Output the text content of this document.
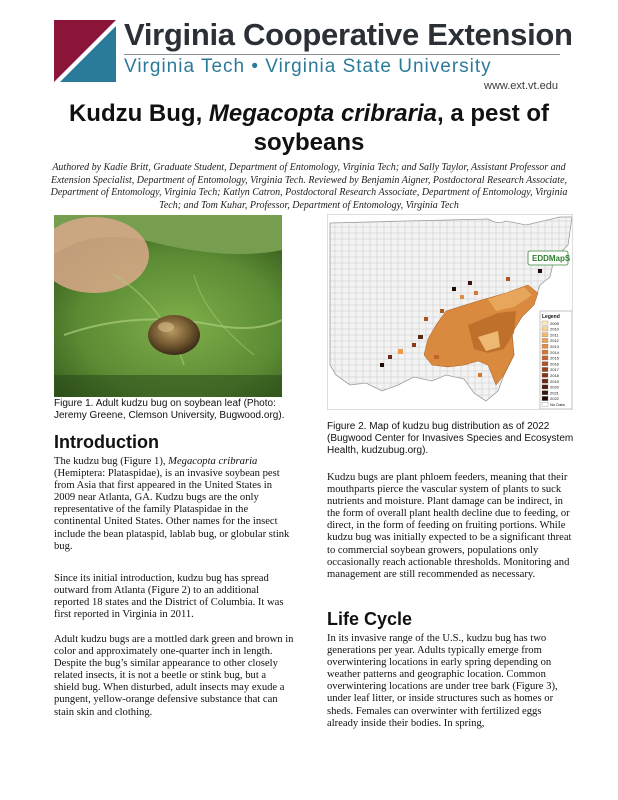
Virginia Cooperative Extension
Virginia Tech • Virginia State University
www.ext.vt.edu
Kudzu Bug, Megacopta cribraria, a pest of soybeans
Authored by Kadie Britt, Graduate Student, Department of Entomology, Virginia Tech; and Sally Taylor, Assistant Professor and Extension Specialist, Department of Entomology, Virginia Tech. Reviewed by Benjamin Aigner, Postdoctoral Research Associate, Department of Entomology, Virginia Tech; Katlyn Catron, Postdoctoral Research Associate, Department of Entomology, Virginia Tech; and Tom Kuhar, Professor, Department of Entomology, Virginia Tech
Figure 1. Adult kudzu bug on soybean leaf (Photo: Jeremy Greene, Clemson University, Bugwood.org).
EDDMapS
Legend
2009
2010
2011
2012
2013
2014
2015
2016
2017
2018
2019
2020
2021
2022
No Data
Figure 2. Map of kudzu bug distribution as of 2022 (Bugwood Center for Invasives Species and Ecosystem Health, kudzubug.org).
Introduction
The kudzu bug (Figure 1), Megacopta cribraria (Hemiptera: Plataspidae), is an invasive soybean pest from Asia that first appeared in the United States in 2009 near Atlanta, GA. Kudzu bugs are the only representative of the family Plataspidae in the continental United States. Other names for the insect include the bean plataspid, lablab bug, or globular stink bug.
Since its initial introduction, kudzu bug has spread outward from Atlanta (Figure 2) to an additional reported 18 states and the District of Columbia. It was first reported in Virginia in 2011.
Adult kudzu bugs are a mottled dark green and brown in color and approximately one-quarter inch in length. Despite the bug’s similar appearance to other closely related insects, it is not a beetle or stink bug, but a shield bug. When disturbed, adult insects may exude a pungent, yellow-orange defensive substance that can stain skin and clothing.
Kudzu bugs are plant phloem feeders, meaning that their mouthparts pierce the vascular system of plants to suck nutrients and moisture. Plant damage can be indirect, in the form of overall plant health decline due to feeding, or direct, in the form of feeding on fruiting portions. While kudzu bug was initially expected to be a significant threat to commercial soybean growers, populations only occasionally reach actionable thresholds. Monitoring and management are still recommended as necessary.
Life Cycle
In its invasive range of the U.S., kudzu bug has two generations per year. Adults typically emerge from overwintering locations in early spring depending on weather patterns and geographic location. Common overwintering locations are under tree bark (Figure 3), under leaf litter, or inside structures such as homes or sheds. Females can overwinter with fertilized eggs already inside their bodies. In spring,
